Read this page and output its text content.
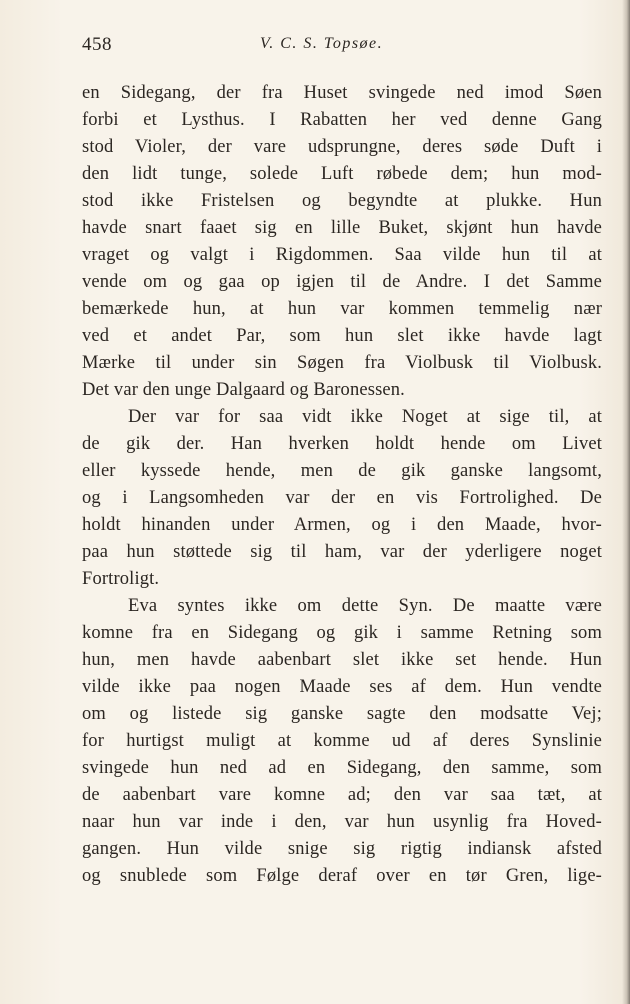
458	V. C. S. Topsøe.
en Sidegang, der fra Huset svingede ned imod Søen
forbi et Lysthus. I Rabatten her ved denne Gang
stod Violer, der vare udsprungne, deres søde Duft i
den lidt tunge, solede Luft røbede dem; hun mod-
stod ikke Fristelsen og begyndte at plukke. Hun
havde snart faaet sig en lille Buket, skjønt hun havde
vraget og valgt i Rigdommen. Saa vilde hun til at
vende om og gaa op igjen til de Andre. I det Samme
bemærkede hun, at hun var kommen temmelig nær
ved et andet Par, som hun slet ikke havde lagt
Mærke til under sin Søgen fra Violbusk til Violbusk.
Det var den unge Dalgaard og Baronessen.
Der var for saa vidt ikke Noget at sige til, at
de gik der. Han hverken holdt hende om Livet
eller kyssede hende, men de gik ganske langsomt,
og i Langsomheden var der en vis Fortrolighed. De
holdt hinanden under Armen, og i den Maade, hvor-
paa hun støttede sig til ham, var der yderligere noget
Fortroligt.
Eva syntes ikke om dette Syn. De maatte være
komne fra en Sidegang og gik i samme Retning som
hun, men havde aabenbart slet ikke set hende. Hun
vilde ikke paa nogen Maade ses af dem. Hun vendte
om og listede sig ganske sagte den modsatte Vej;
for hurtigst muligt at komme ud af deres Synslinie
svingede hun ned ad en Sidegang, den samme, som
de aabenbart vare komne ad; den var saa tæt, at
naar hun var inde i den, var hun usynlig fra Hoved-
gangen. Hun vilde snige sig rigtig indiansk afsted
og snublede som Følge deraf over en tør Gren, lige-
